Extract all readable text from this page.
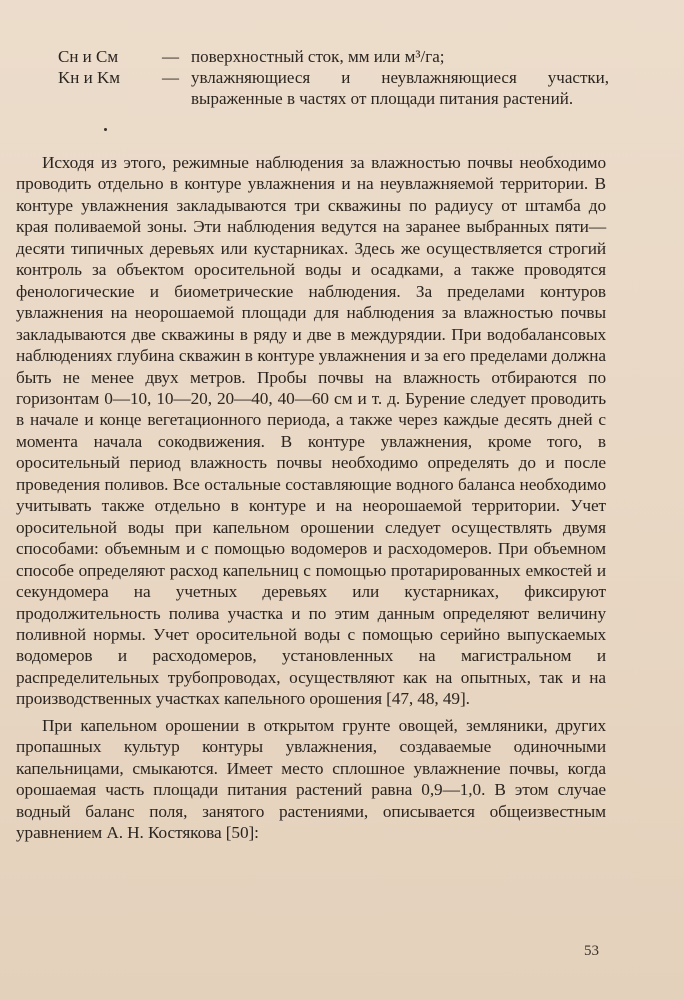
Cн и Cм	— поверхностный сток, мм или м³/га;
Kн и Kм — увлажняющиеся и неувлажняющиеся участки, выраженные в частях от площади питания растений.

Исходя из этого, режимные наблюдения за влажностью почвы необходимо проводить отдельно в контуре увлажнения и на неувлажняемой территории. В контуре увлажнения закладываются три скважины по радиусу от штамба до края поливаемой зоны. Эти наблюдения ведутся на заранее выбранных пяти—десяти типичных деревьях или кустарниках. Здесь же осуществляется строгий контроль за объектом оросительной воды и осадками, а также проводятся фенологические и биометрические наблюдения. За пределами контуров увлажнения на неорошаемой площади для наблюдения за влажностью почвы закладываются две скважины в ряду и две в междурядии. При водобалансовых наблюдениях глубина скважин в контуре увлажнения и за его пределами должна быть не менее двух метров. Пробы почвы на влажность отбираются по горизонтам 0—10, 10—20, 20—40, 40—60 см и т. д. Бурение следует проводить в начале и конце вегетационного периода, а также через каждые десять дней с момента начала сокодвижения. В контуре увлажнения, кроме того, в оросительный период влажность почвы необходимо определять до и после проведения поливов. Все остальные составляющие водного баланса необходимо учитывать также отдельно в контуре и на неорошаемой территории. Учет оросительной воды при капельном орошении следует осуществлять двумя способами: объемным и с помощью водомеров и расходомеров. При объемном способе определяют расход капельниц с помощью протарированных емкостей и секундомера на учетных деревьях или кустарниках, фиксируют продолжительность полива участка и по этим данным определяют величину поливной нормы. Учет оросительной воды с помощью серийно выпускаемых водомеров и расходомеров, установленных на магистральном и распределительных трубопроводах, осуществляют как на опытных, так и на производственных участках капельного орошения [47, 48, 49].

При капельном орошении в открытом грунте овощей, земляники, других пропашных культур контуры увлажнения, создаваемые одиночными капельницами, смыкаются. Имеет место сплошное увлажнение почвы, когда орошаемая часть площади питания растений равна 0,9—1,0. В этом случае водный баланс поля, занятого растениями, описывается общеизвестным уравнением А. Н. Костякова [50]:

53
